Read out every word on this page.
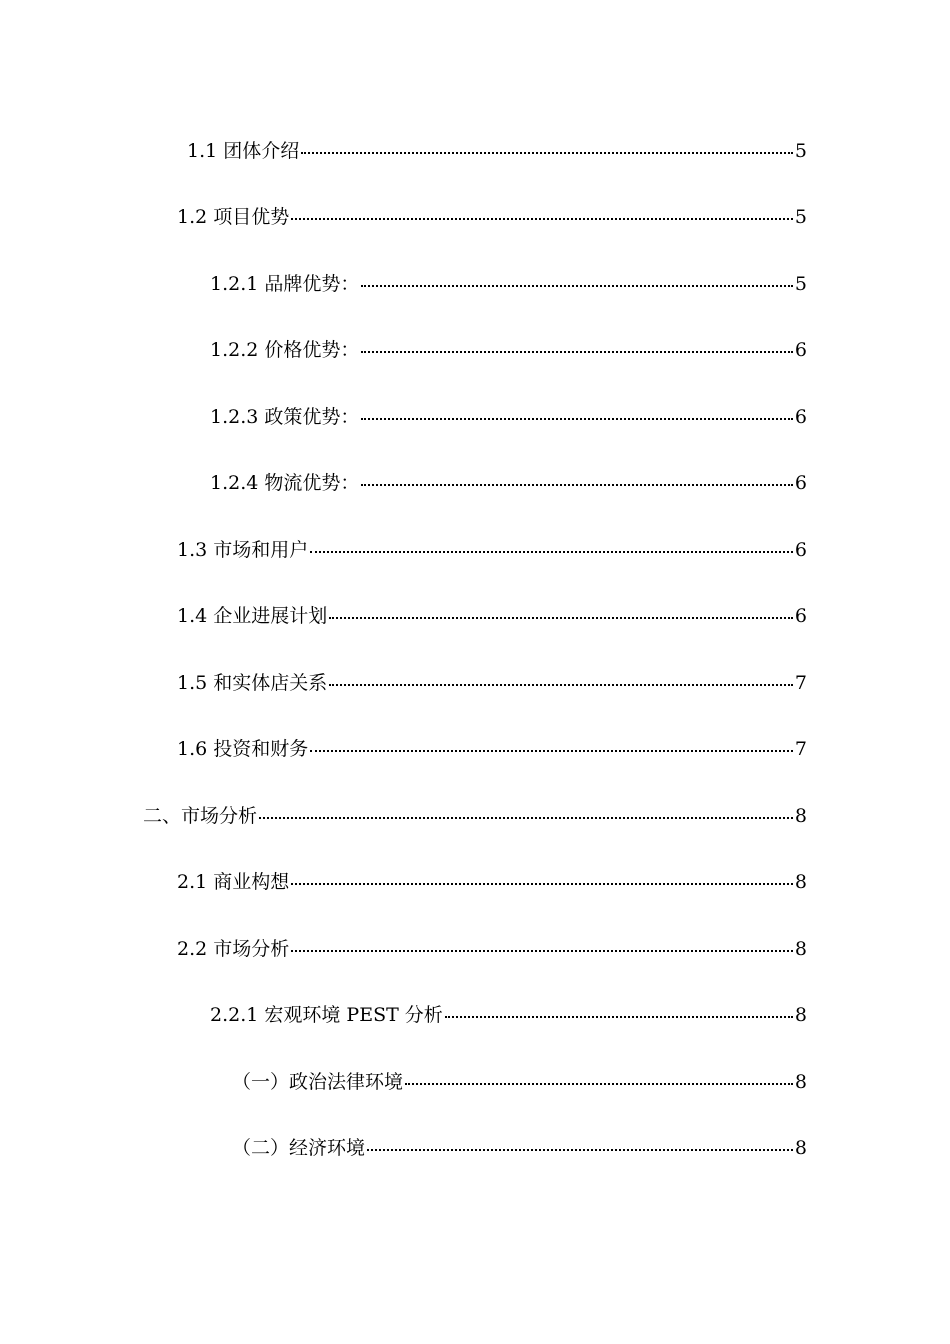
1.1 团体介绍	5
1.2 项目优势	5
1.2.1 品牌优势：	5
1.2.2 价格优势：	6
1.2.3 政策优势：	6
1.2.4 物流优势：	6
1.3 市场和用户	6
1.4 企业进展计划	6
1.5 和实体店关系	7
1.6 投资和财务	7
二、市场分析	8
2.1 商业构想	8
2.2 市场分析	8
2.2.1 宏观环境 PEST 分析	8
（一）政治法律环境	8
（二）经济环境	8
